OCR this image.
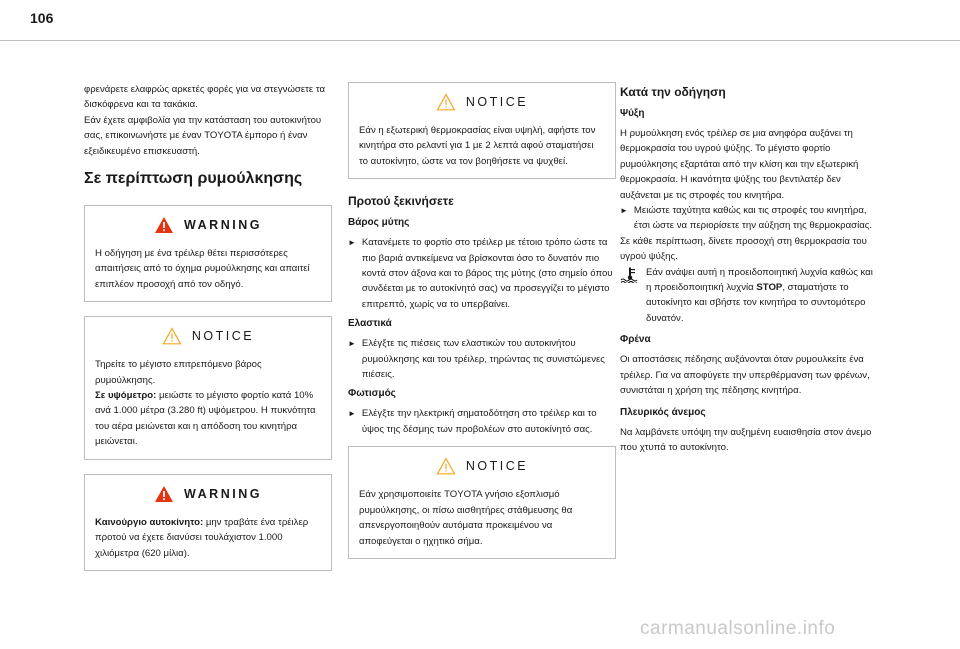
106

φρενάρετε ελαφρώς αρκετές φορές για να στεγνώσετε τα δισκόφρενα και τα τακάκια.
Εάν έχετε αμφιβολία για την κατάσταση του αυτοκινήτου σας, επικοινωνήστε με έναν TOYOTA έμπορο ή έναν εξειδικευμένο επισκευαστή.

Σε περίπτωση ρυμούλκησης
WARNING

Η οδήγηση με ένα τρέιλερ θέτει περισσότερες απαιτήσεις από το όχημα ρυμούλκησης και απαιτεί επιπλέον προσοχή από τον οδηγό.

NOTICE

Τηρείτε το μέγιστο επιτρεπόμενο βάρος ρυμούλκησης.

Σε υψόμετρο: μειώστε το μέγιστο φορτίο κατά 10% ανά 1.000 μέτρα (3.280 ft) υψόμετρου. Η πυκνότητα του αέρα μειώνεται και η απόδοση του κινητήρα μειώνεται.

WARNING

Καινούργιο αυτοκίνητο: μην τραβάτε ένα τρέιλερ προτού να έχετε διανύσει τουλάχιστον 1.000 χιλιόμετρα (620 μίλια).

NOTICE

Εάν η εξωτερική θερμοκρασίας είναι υψηλή, αφήστε τον κινητήρα στο ρελαντί για 1 με 2 λεπτά αφού σταματήσει το αυτοκίνητο, ώστε να τον βοηθήσετε να ψυχθεί.

Προτού ξεκινήσετε
Βάρος μύτης

► Κατανέμετε το φορτίο στο τρέιλερ με τέτοιο τρόπο ώστε τα πιο βαριά αντικείμενα να βρίσκονται όσο το δυνατόν πιο κοντά στον άξονα και το βάρος της μύτης (στο σημείο όπου συνδέεται με το αυτοκίνητό σας) να προσεγγίζει το μέγιστο επιτρεπτό, χωρίς να το υπερβαίνει.

Ελαστικά

► Ελέγξτε τις πιέσεις των ελαστικών του αυτοκινήτου ρυμούλκησης και του τρέιλερ, τηρώντας τις συνιστώμενες πιέσεις.

Φωτισμός

► Ελέγξτε την ηλεκτρική σηματοδότηση στο τρέιλερ και το ύψος της δέσμης των προβολέων στο αυτοκίνητό σας.

NOTICE

Εάν χρησιμοποιείτε TOYOTA γνήσιο εξοπλισμό ρυμούλκησης, οι πίσω αισθητήρες στάθμευσης θα απενεργοποιηθούν αυτόματα προκειμένου να αποφεύγεται ο ηχητικό σήμα.

Κατά την οδήγηση
Ψύξη

Η ρυμούλκηση ενός τρέιλερ σε μια ανηφόρα αυξάνει τη θερμοκρασία του υγρού ψύξης. Το μέγιστο φορτίο ρυμούλκησης εξαρτάται από την κλίση και την εξωτερική θερμοκρασία. Η ικανότητα ψύξης του βεντιλατέρ δεν αυξάνεται με τις στροφές του κινητήρα.

► Μειώστε ταχύτητα καθώς και τις στροφές του κινητήρα, έτσι ώστε να περιορίσετε την αύξηση της θερμοκρασίας.

Σε κάθε περίπτωση, δίνετε προσοχή στη θερμοκρασία του υγρού ψύξης.

Εάν ανάψει αυτή η προειδοποιητική λυχνία καθώς και η προειδοποιητική λυχνία STOP, σταματήστε το αυτοκίνητο και σβήστε τον κινητήρα το συντομότερο δυνατόν.

Φρένα

Οι αποστάσεις πέδησης αυξάνονται όταν ρυμουλκείτε ένα τρέιλερ. Για να αποφύγετε την υπερθέρμανση των φρένων, συνιστάται η χρήση της πέδησης κινητήρα.

Πλευρικός άνεμος

Να λαμβάνετε υπόψη την αυξημένη ευαισθησία στον άνεμο που χτυπά το αυτοκίνητο.

carmanualsonline.info
